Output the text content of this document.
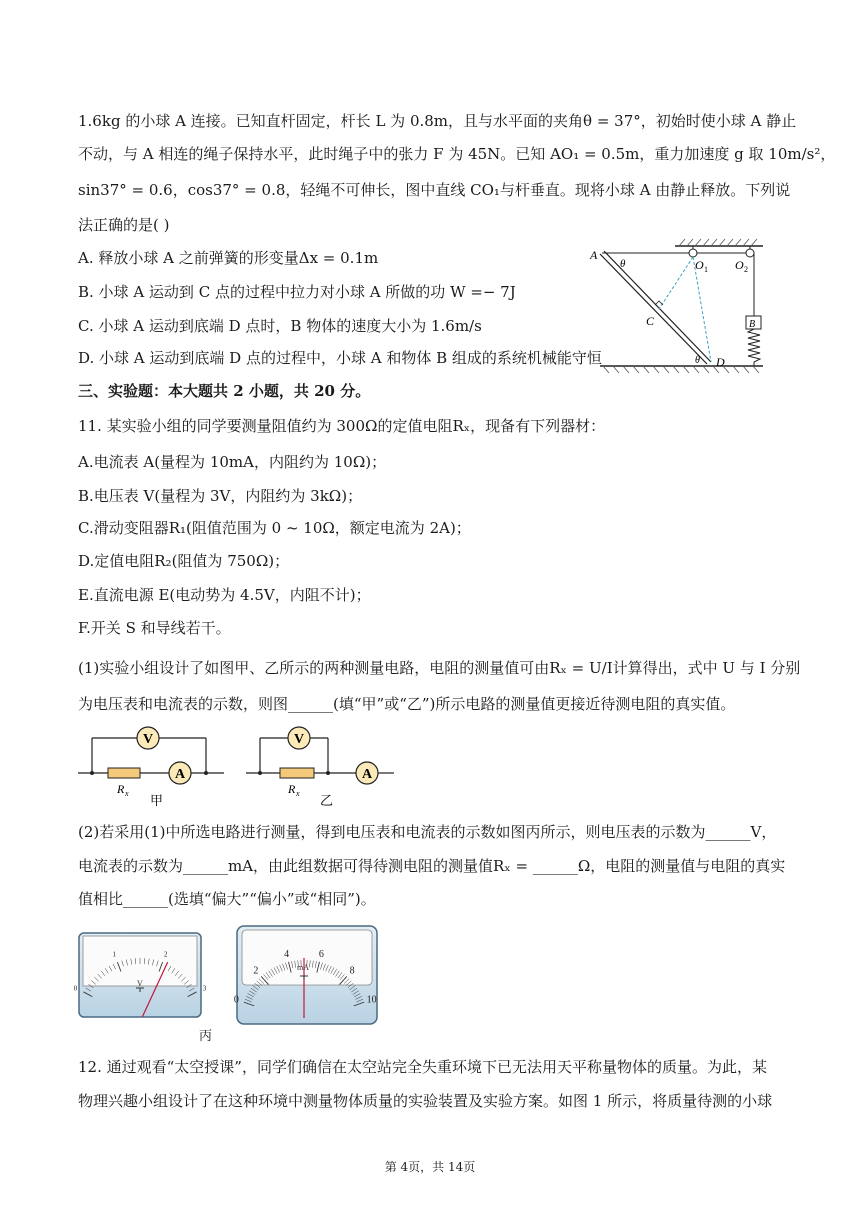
1.6kg 的小球 A 连接。已知直杆固定，杆长 L 为 0.8m，且与水平面的夹角θ = 37°，初始时使小球 A 静止
不动，与 A 相连的绳子保持水平，此时绳子中的张力 F 为 45N。已知 AO₁ = 0.5m，重力加速度 g 取 10m/s²，
sin37° = 0.6，cos37° = 0.8，轻绳不可伸长，图中直线 CO₁与杆垂直。现将小球 A 由静止释放。下列说
法正确的是( )
A. 释放小球 A 之前弹簧的形变量Δx = 0.1m
B. 小球 A 运动到 C 点的过程中拉力对小球 A 所做的功 W =− 7J
C. 小球 A 运动到底端 D 点时，B 物体的速度大小为 1.6m/s
D. 小球 A 运动到底端 D 点的过程中，小球 A 和物体 B 组成的系统机械能守恒
三、实验题：本大题共 2 小题，共 20 分。
11. 某实验小组的同学要测量阻值约为 300Ω的定值电阻Rₓ，现备有下列器材：
A.电流表 A(量程为 10mA，内阻约为 10Ω)；
B.电压表 V(量程为 3V，内阻约为 3kΩ)；
C.滑动变阻器R₁(阻值范围为 0 ~ 10Ω，额定电流为 2A)；
D.定值电阻R₂(阻值为 750Ω)；
E.直流电源 E(电动势为 4.5V，内阻不计)；
F.开关 S 和导线若干。
(1)实验小组设计了如图甲、乙所示的两种测量电路，电阻的测量值可由Rₓ = U/I计算得出，式中 U 与 I 分别
为电压表和电流表的示数，则图______(填“甲”或“乙”)所示电路的测量值更接近待测电阻的真实值。
(2)若采用(1)中所选电路进行测量，得到电压表和电流表的示数如图丙所示，则电压表的示数为______V，
电流表的示数为______mA，由此组数据可得待测电阻的测量值Rₓ = ______Ω，电阻的测量值与电阻的真实
值相比______(选填“偏大”“偏小”或“相同”)。
12. 通过观看“太空授课”，同学们确信在太空站完全失重环境下已无法用天平称量物体的质量。为此，某
物理兴趣小组设计了在这种环境中测量物体质量的实验装置及实验方案。如图 1 所示，将质量待测的小球
A
θ	O 1 O 2
C
D
θ
B
V
A
R x 甲
V
A
R x 乙
0
1	2
3
V
0
2
4	6
8
10
mA
丙
第 4页，共 14页
